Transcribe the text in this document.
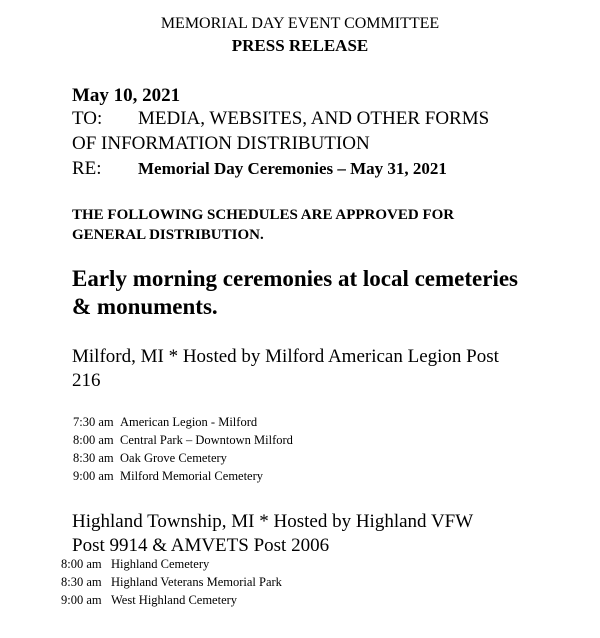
MEMORIAL DAY EVENT COMMITTEE
PRESS RELEASE
May 10, 2021
TO: MEDIA, WEBSITES, AND OTHER FORMS
OF INFORMATION DISTRIBUTION
RE: Memorial Day Ceremonies – May 31, 2021
THE FOLLOWING SCHEDULES ARE APPROVED FOR
GENERAL DISTRIBUTION.
Early morning ceremonies at local cemeteries
& monuments.
Milford, MI * Hosted by Milford American Legion Post
216
7:30 am American Legion - Milford
8:00 am Central Park – Downtown Milford
8:30 am Oak Grove Cemetery
9:00 am Milford Memorial Cemetery
Highland Township, MI * Hosted by Highland VFW
Post 9914 & AMVETS Post 2006
8:00 am Highland Cemetery
8:30 am Highland Veterans Memorial Park
9:00 am West Highland Cemetery
